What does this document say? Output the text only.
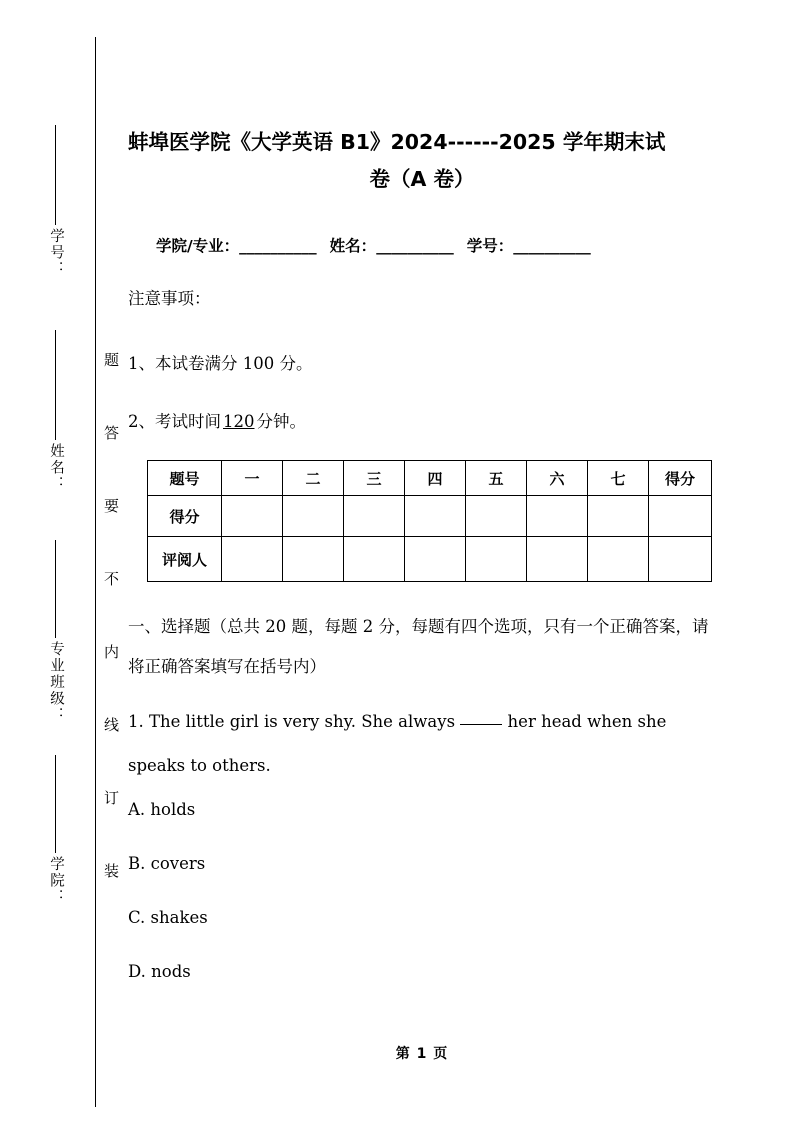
学号：
姓名：
专业班级：
学院：	题答要不内线订装
蚌埠医学院《大学英语 B1》2024------2025 学年期末试
卷（A 卷）
学院/专业：__________ 姓名：__________ 学号：__________
注意事项：
1、本试卷满分 100 分。
2、考试时间 120 分钟。
题号	一	二	三	四	五	六	七	得分
得分								
评阅人								
一、选择题（总共 20 题，每题 2 分，每题有四个选项，只有一个正确答案，请将正确答案填写在括号内）
1. The little girl is very shy. She always	her head when she speaks to others.
A. holds
B. covers
C. shakes
D. nods
第 1 页
